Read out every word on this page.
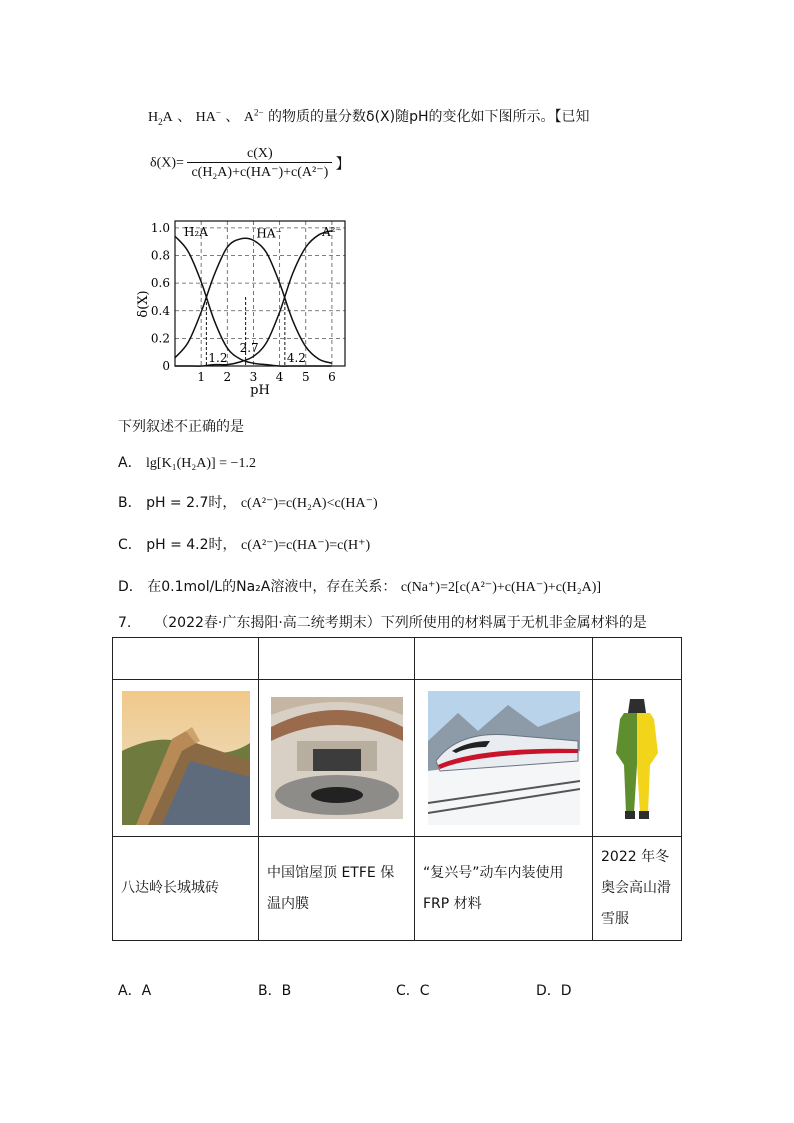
$H_2A$ 、 HA− 、 $A^{2-}$ 的物质的量分数δ(X)随pH的变化如下图所示。【已知
$\delta(X)= \frac{c(X)}{\text{c(H₂A)+c(HA⁻)+c(A²⁻)}}$ 】
0
0.2
0.4
0.6
0.8
1.0
1 2 3 4 5 6
1.2
2.7
4.2
H₂A	HA⁻	A²⁻
δ(X)
pH
下列叙述不正确的是
A． lg[K₁(H₂A)] = −1.2
B． pH = 2.7时， c(A²⁻)=c(H₂A)<c(HA⁻)
C． pH = 4.2时， c(A²⁻)=c(HA⁻)=c(H⁺)
D． 在0.1mol/L的Na₂A溶液中，存在关系： c(Na⁺)=2[c(A²⁻)+c(HA⁻)+c(H₂A)]
7. （2022春·广东揭阳·高二统考期末）下列所使用的材料属于无机非金属材料的是

八达岭长城城砖	中国馆屋顶 ETFE 保温内膜	“复兴号”动车内装使用 FRP 材料	2022 年冬奥会高山滑雪服
A．A	B．B	C．C	D．D
